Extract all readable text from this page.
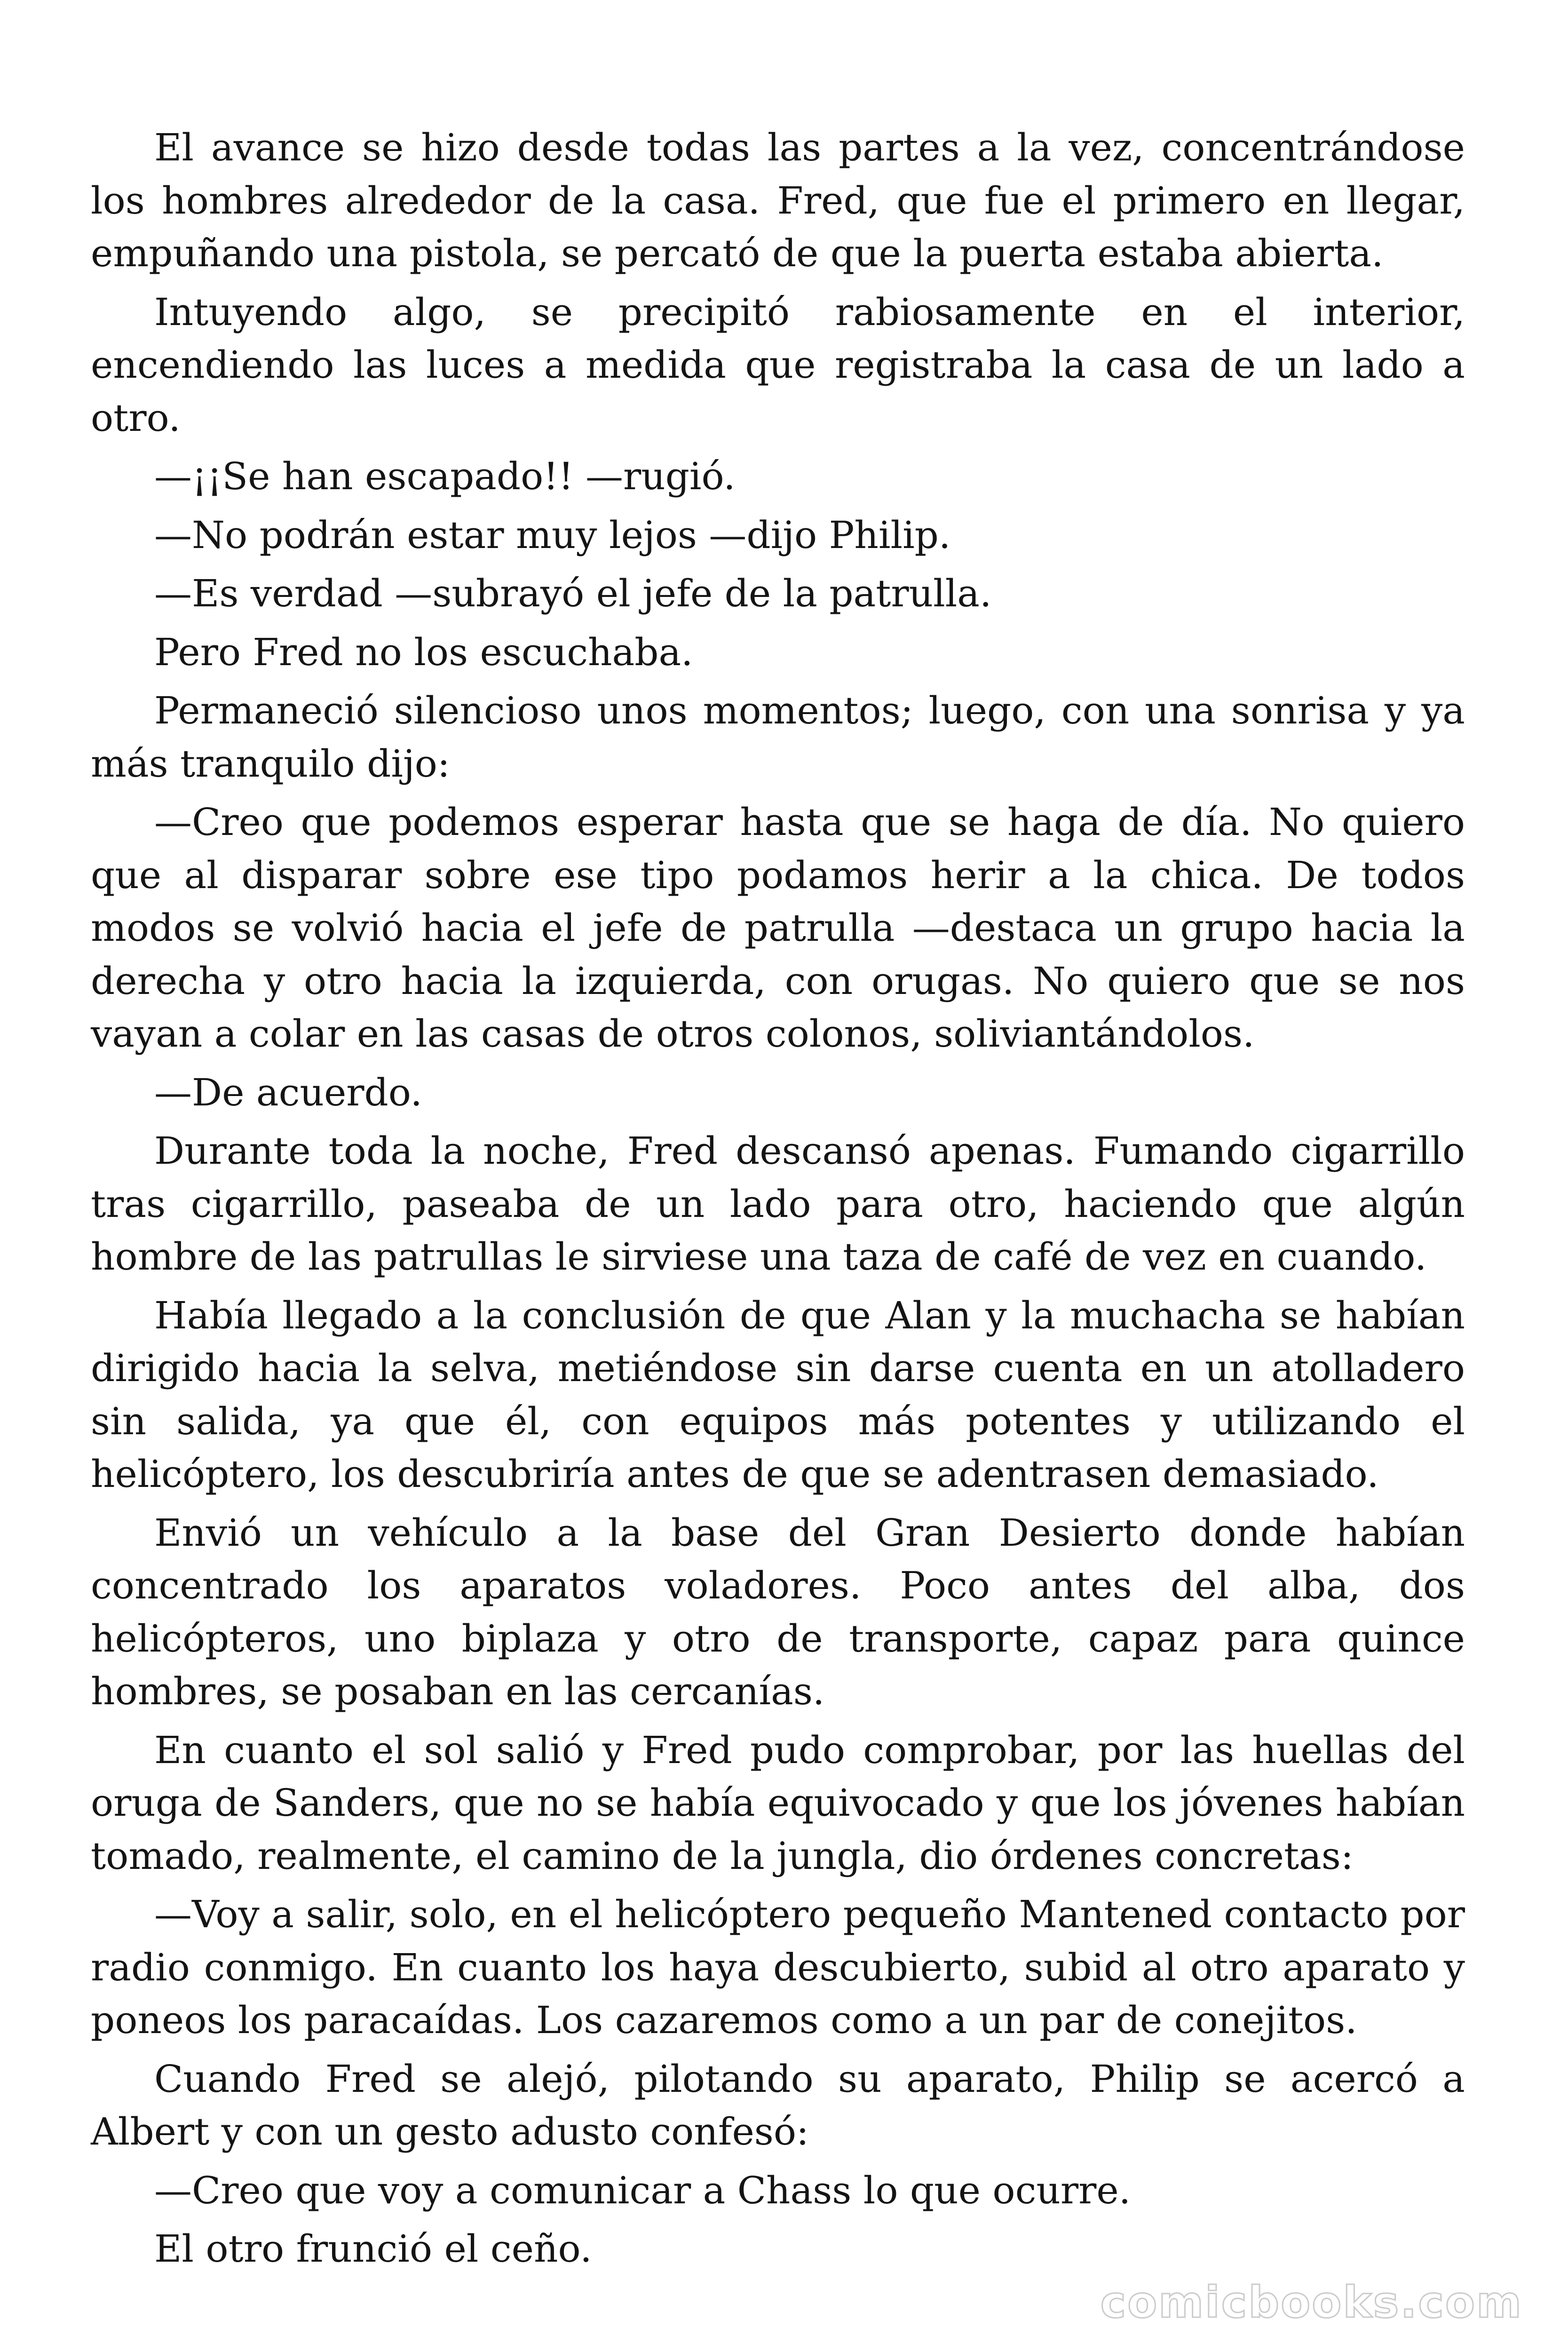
El avance se hizo desde todas las partes a la vez, concentrándose los hombres alrededor de la casa. Fred, que fue el primero en llegar, empuñando una pistola, se percató de que la puerta estaba abierta.

Intuyendo algo, se precipitó rabiosamente en el interior, encendiendo las luces a medida que registraba la casa de un lado a otro.

—¡¡Se han escapado!! —rugió.

—No podrán estar muy lejos —dijo Philip.

—Es verdad —subrayó el jefe de la patrulla.

Pero Fred no los escuchaba.

Permaneció silencioso unos momentos; luego, con una sonrisa y ya más tranquilo dijo:

—Creo que podemos esperar hasta que se haga de día. No quiero que al disparar sobre ese tipo podamos herir a la chica. De todos modos se volvió hacia el jefe de patrulla —destaca un grupo hacia la derecha y otro hacia la izquierda, con orugas. No quiero que se nos vayan a colar en las casas de otros colonos, soliviantándolos.

—De acuerdo.

Durante toda la noche, Fred descansó apenas. Fumando cigarrillo tras cigarrillo, paseaba de un lado para otro, haciendo que algún hombre de las patrullas le sirviese una taza de café de vez en cuando.

Había llegado a la conclusión de que Alan y la muchacha se habían dirigido hacia la selva, metiéndose sin darse cuenta en un atolladero sin salida, ya que él, con equipos más potentes y utilizando el helicóptero, los descubriría antes de que se adentrasen demasiado.

Envió un vehículo a la base del Gran Desierto donde habían concentrado los aparatos voladores. Poco antes del alba, dos helicópteros, uno biplaza y otro de transporte, capaz para quince hombres, se posaban en las cercanías.

En cuanto el sol salió y Fred pudo comprobar, por las huellas del oruga de Sanders, que no se había equivocado y que los jóvenes habían tomado, realmente, el camino de la jungla, dio órdenes concretas:

—Voy a salir, solo, en el helicóptero pequeño Mantened contacto por radio conmigo. En cuanto los haya descubierto, subid al otro aparato y poneos los paracaídas. Los cazaremos como a un par de conejitos.

Cuando Fred se alejó, pilotando su aparato, Philip se acercó a Albert y con un gesto adusto confesó:

—Creo que voy a comunicar a Chass lo que ocurre.

El otro frunció el ceño.

comicbooks.com
